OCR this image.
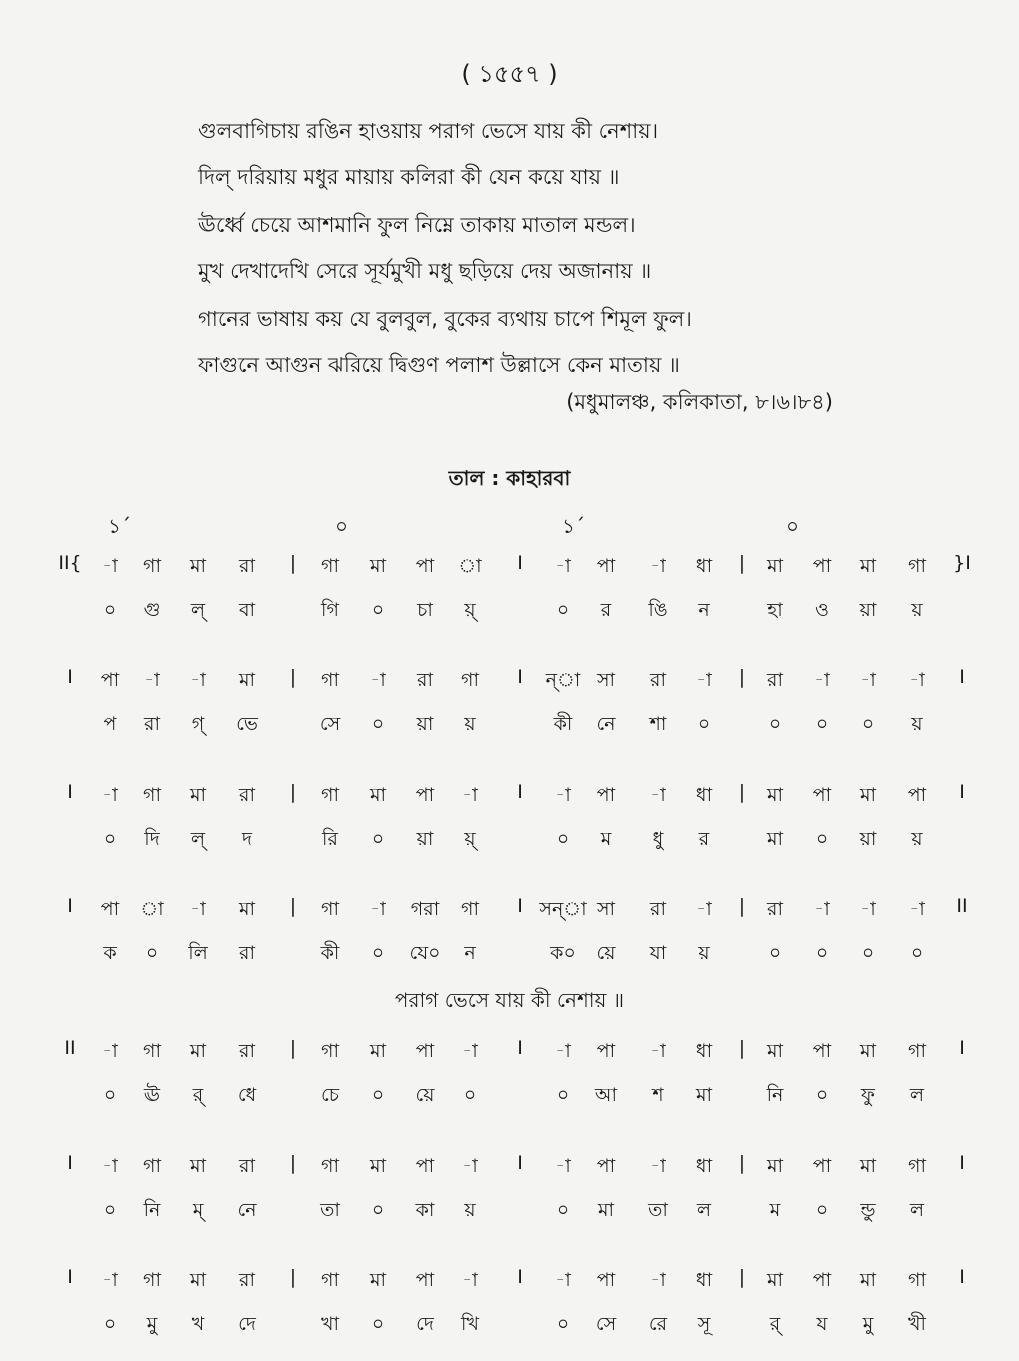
( ১৫৫৭ )
গুলবাগিচায় রঙিন হাওয়ায় পরাগ ভেসে যায় কী নেশায়।
দিল্ দরিয়ায় মধুর মায়ায় কলিরা কী যেন কয়ে যায় ॥
ঊর্ধ্বে চেয়ে আশমানি ফুল নিম্নে তাকায় মাতাল মন্ডল।
মুখ দেখাদেখি সেরে সূর্যমুখী মধু ছড়িয়ে দেয় অজানায় ॥
গানের ভাষায় কয় যে বুলবুল, বুকের ব্যথায় চাপে শিমূল ফুল।
ফাগুনে আগুন ঝরিয়ে দ্বিগুণ পলাশ উল্লাসে কেন মাতায় ॥
(মধুমালঞ্চ, কলিকাতা, ৮।৬।৮৪)
তাল : কাহারবা
১´	০	১´	০
পরাগ ভেসে যায় কী নেশায় ॥
II{ -া গা মা রা | গা মা পা া I -া পা -া ধা | মা পা মা গা }I
০ গু ল্ বা	গি ০ চা য়্	০ র ঙি ন	হা ও য়া য়
I পা -া -া মা | গা -া রা গা I ন্া সা রা -া | রা -া -া -া I
প রা গ্ ভে	সে ০ য়া য়	কী নে শা ০	০ ০ ০ য়
I -া গা মা রা | গা মা পা -া I -া পা -া ধা | মা পা মা পা I
০ দি ল্ দ	রি ০ য়া য়্	০ ম ধু র	মা ০ য়া য়
I পা া -া মা | গা -া গরা গা I সন্া সা রা -া | রা -া -া -া II
ক ০ লি রা	কী ০ যে০ ন	ক০ য়ে যা য়	০ ০ ০ ০
II -া গা মা রা | গা মা পা -া I -া পা -া ধা | মা পা মা গা I
০ ঊ র্ ধে	চে ০ য়ে ০	০ আ শ মা	নি ০ ফু ল
I -া গা মা রা | গা মা পা -া I -া পা -া ধা | মা পা মা গা I
০ নি ম্ নে	তা ০ কা য়	০ মা তা ল	ম ০ ন্ডু ল
I -া গা মা রা | গা মা পা -া I -া পা -া ধা | মা পা মা গা I
০ মু খ দে	খা ০ দে খি	০ সে রে সূ	র্ য মু খী
